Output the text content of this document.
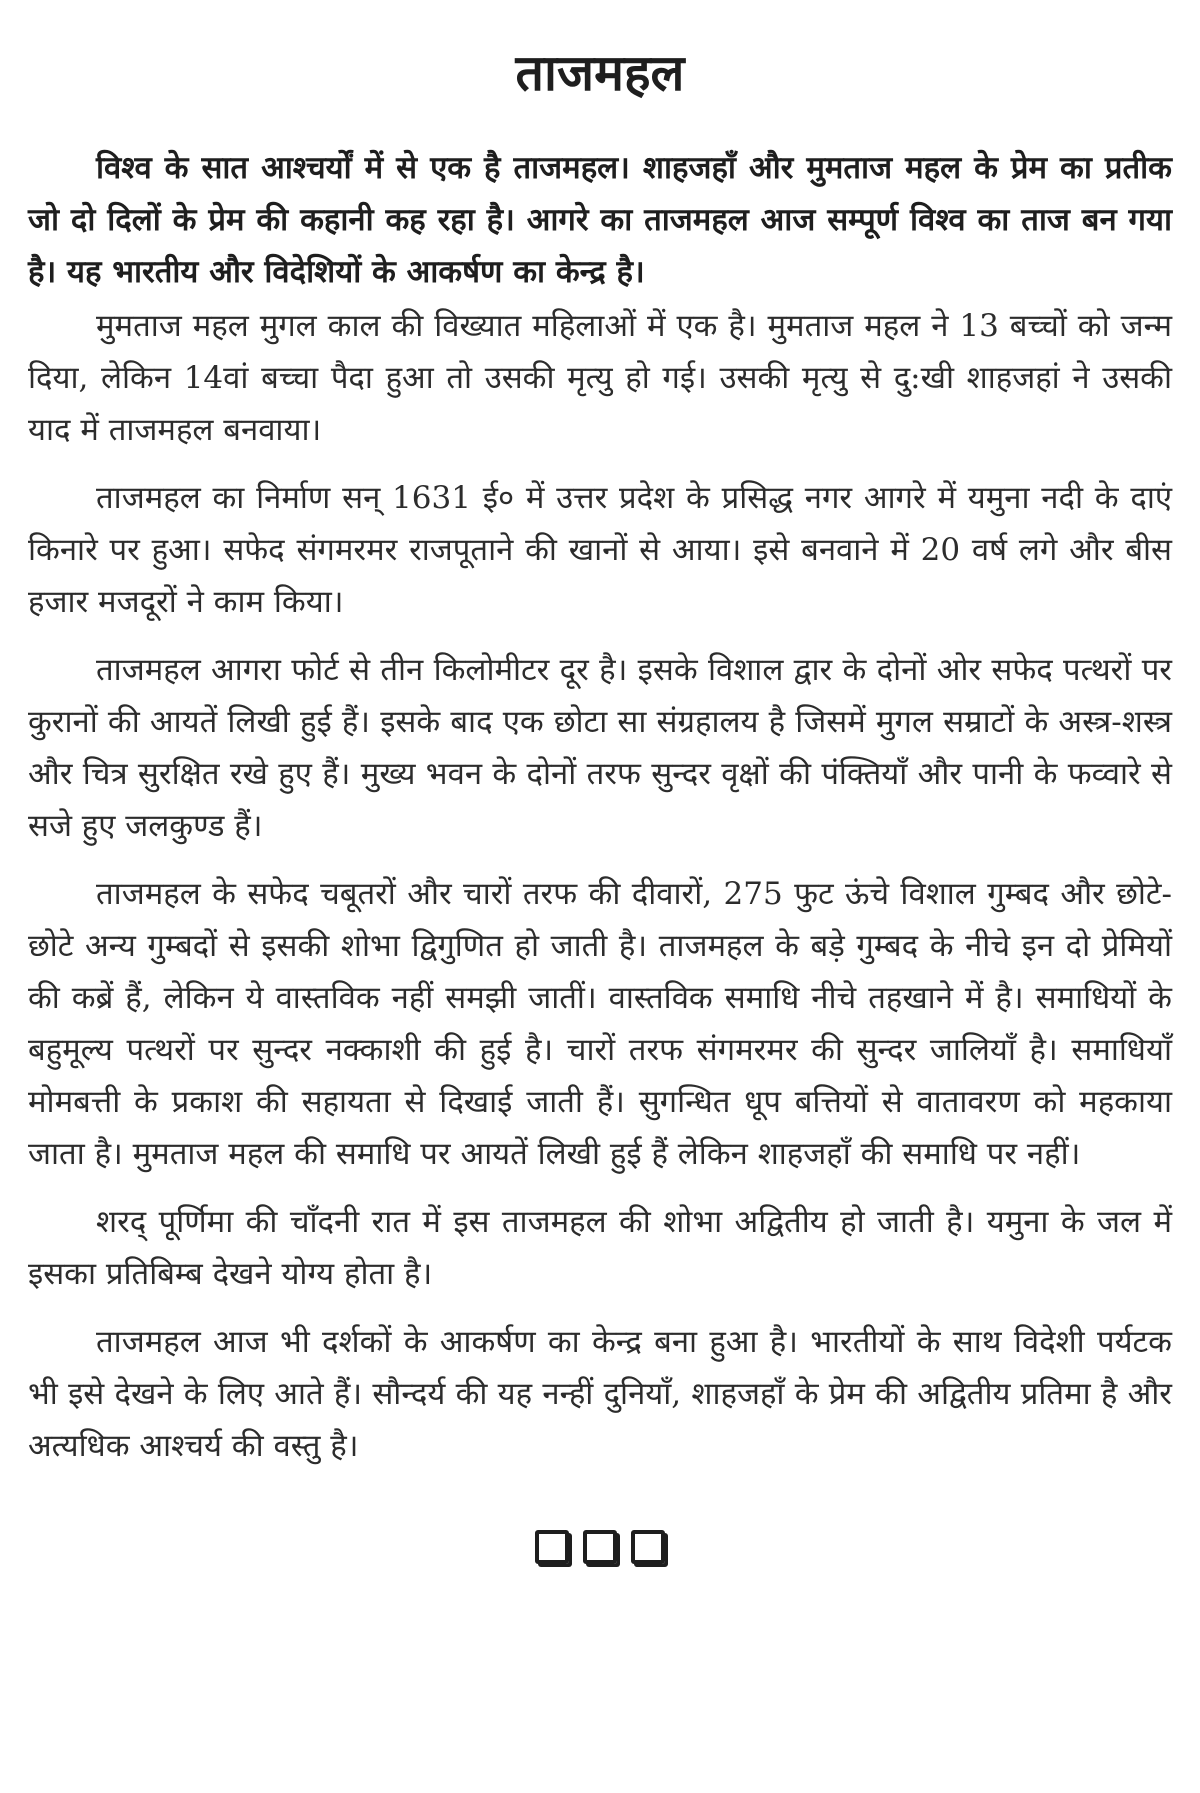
ताजमहल

विश्व के सात आश्चर्यों में से एक है ताजमहल। शाहजहाँ और मुमताज महल के प्रेम का प्रतीक जो दो दिलों के प्रेम की कहानी कह रहा है। आगरे का ताजमहल आज सम्पूर्ण विश्व का ताज बन गया है। यह भारतीय और विदेशियों के आकर्षण का केन्द्र है।

मुमताज महल मुगल काल की विख्यात महिलाओं में एक है। मुमताज महल ने 13 बच्चों को जन्म दिया, लेकिन 14वां बच्चा पैदा हुआ तो उसकी मृत्यु हो गई। उसकी मृत्यु से दु:खी शाहजहां ने उसकी याद में ताजमहल बनवाया।

ताजमहल का निर्माण सन् 1631 ई० में उत्तर प्रदेश के प्रसिद्ध नगर आगरे में यमुना नदी के दाएं किनारे पर हुआ। सफेद संगमरमर राजपूताने की खानों से आया। इसे बनवाने में 20 वर्ष लगे और बीस हजार मजदूरों ने काम किया।

ताजमहल आगरा फोर्ट से तीन किलोमीटर दूर है। इसके विशाल द्वार के दोनों ओर सफेद पत्थरों पर कुरानों की आयतें लिखी हुई हैं। इसके बाद एक छोटा सा संग्रहालय है जिसमें मुगल सम्राटों के अस्त्र-शस्त्र और चित्र सुरक्षित रखे हुए हैं। मुख्य भवन के दोनों तरफ सुन्दर वृक्षों की पंक्तियाँ और पानी के फव्वारे से सजे हुए जलकुण्ड हैं।

ताजमहल के सफेद चबूतरों और चारों तरफ की दीवारों, 275 फुट ऊंचे विशाल गुम्बद और छोटे-छोटे अन्य गुम्बदों से इसकी शोभा द्विगुणित हो जाती है। ताजमहल के बड़े गुम्बद के नीचे इन दो प्रेमियों की कब्रें हैं, लेकिन ये वास्तविक नहीं समझी जातीं। वास्तविक समाधि नीचे तहखाने में है। समाधियों के बहुमूल्य पत्थरों पर सुन्दर नक्काशी की हुई है। चारों तरफ संगमरमर की सुन्दर जालियाँ है। समाधियाँ मोमबत्ती के प्रकाश की सहायता से दिखाई जाती हैं। सुगन्धित धूप बत्तियों से वातावरण को महकाया जाता है। मुमताज महल की समाधि पर आयतें लिखी हुई हैं लेकिन शाहजहाँ की समाधि पर नहीं।

शरद् पूर्णिमा की चाँदनी रात में इस ताजमहल की शोभा अद्वितीय हो जाती है। यमुना के जल में इसका प्रतिबिम्ब देखने योग्य होता है।

ताजमहल आज भी दर्शकों के आकर्षण का केन्द्र बना हुआ है। भारतीयों के साथ विदेशी पर्यटक भी इसे देखने के लिए आते हैं। सौन्दर्य की यह नन्हीं दुनियाँ, शाहजहाँ के प्रेम की अद्वितीय प्रतिमा है और अत्यधिक आश्चर्य की वस्तु है।
